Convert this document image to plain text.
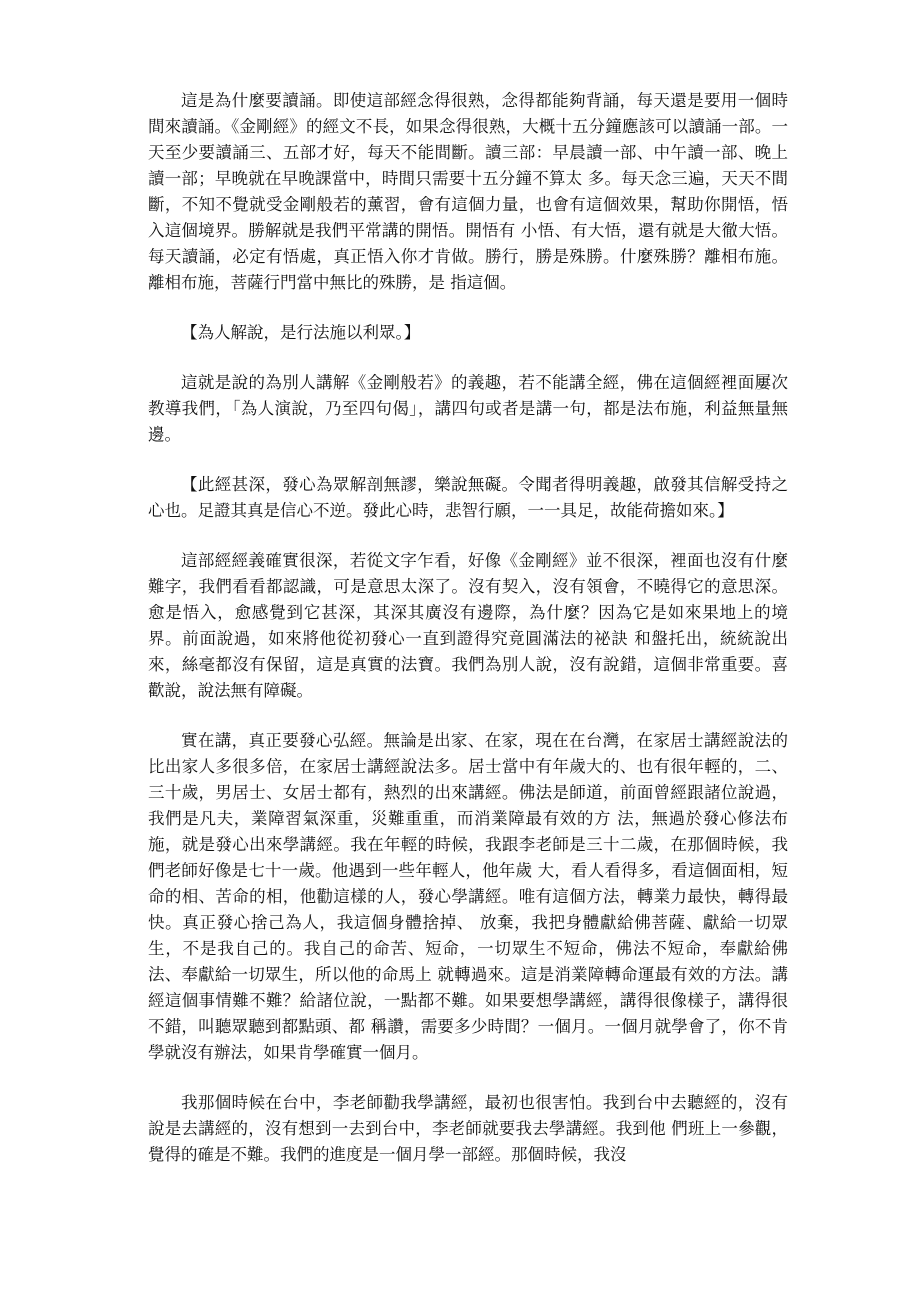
這是為什麼要讀誦。即使這部經念得很熟，念得都能夠背誦，每天還是要用一個時間來讀誦。《金剛經》的經文不長，如果念得很熟，大概十五分鐘應該可以讀誦一部。一天至少要讀誦三、五部才好，每天不能間斷。讀三部：早晨讀一部、中午讀一部、晚上讀一部；早晚就在早晚課當中，時間只需要十五分鐘不算太 多。每天念三遍，天天不間斷，不知不覺就受金剛般若的薰習，會有這個力量，也會有這個效果，幫助你開悟，悟入這個境界。勝解就是我們平常講的開悟。開悟有 小悟、有大悟，還有就是大徹大悟。每天讀誦，必定有悟處，真正悟入你才肯做。勝行，勝是殊勝。什麼殊勝？離相布施。離相布施，菩薩行門當中無比的殊勝，是 指這個。

【為人解說，是行法施以利眾。】

這就是說的為別人講解《金剛般若》的義趣，若不能講全經，佛在這個經裡面屢次教導我們，「為人演說，乃至四句偈」，講四句或者是講一句，都是法布施，利益無量無邊。

【此經甚深，發心為眾解剖無謬，樂說無礙。令聞者得明義趣，啟發其信解受持之心也。足證其真是信心不逆。發此心時，悲智行願，一一具足，故能荷擔如來。】

這部經經義確實很深，若從文字乍看，好像《金剛經》並不很深，裡面也沒有什麼難字，我們看看都認識，可是意思太深了。沒有契入，沒有領會，不曉得它的意思深。愈是悟入，愈感覺到它甚深，其深其廣沒有邊際，為什麼？因為它是如來果地上的境界。前面說過，如來將他從初發心一直到證得究竟圓滿法的祕訣 和盤托出，統統說出來，絲毫都沒有保留，這是真實的法寶。我們為別人說，沒有說錯，這個非常重要。喜歡說，說法無有障礙。

實在講，真正要發心弘經。無論是出家、在家，現在在台灣，在家居士講經說法的比出家人多很多倍，在家居士講經說法多。居士當中有年歲大的、也有很年輕的，二、三十歲，男居士、女居士都有，熱烈的出來講經。佛法是師道，前面曾經跟諸位說過，我們是凡夫，業障習氣深重，災難重重，而消業障最有效的方 法，無過於發心修法布施，就是發心出來學講經。我在年輕的時候，我跟李老師是三十二歲，在那個時候，我們老師好像是七十一歲。他遇到一些年輕人，他年歲 大，看人看得多，看這個面相，短命的相、苦命的相，他勸這樣的人，發心學講經。唯有這個方法，轉業力最快，轉得最快。真正發心捨己為人，我這個身體捨掉、 放棄，我把身體獻給佛菩薩、獻給一切眾生，不是我自己的。我自己的命苦、短命，一切眾生不短命，佛法不短命，奉獻給佛法、奉獻給一切眾生，所以他的命馬上 就轉過來。這是消業障轉命運最有效的方法。講經這個事情難不難？給諸位說，一點都不難。如果要想學講經，講得很像樣子，講得很不錯，叫聽眾聽到都點頭、都 稱讚，需要多少時間？一個月。一個月就學會了，你不肯學就沒有辦法，如果肯學確實一個月。

我那個時候在台中，李老師勸我學講經，最初也很害怕。我到台中去聽經的，沒有說是去講經的，沒有想到一去到台中，李老師就要我去學講經。我到他 們班上一參觀，覺得的確是不難。我們的進度是一個月學一部經。那個時候，我沒
